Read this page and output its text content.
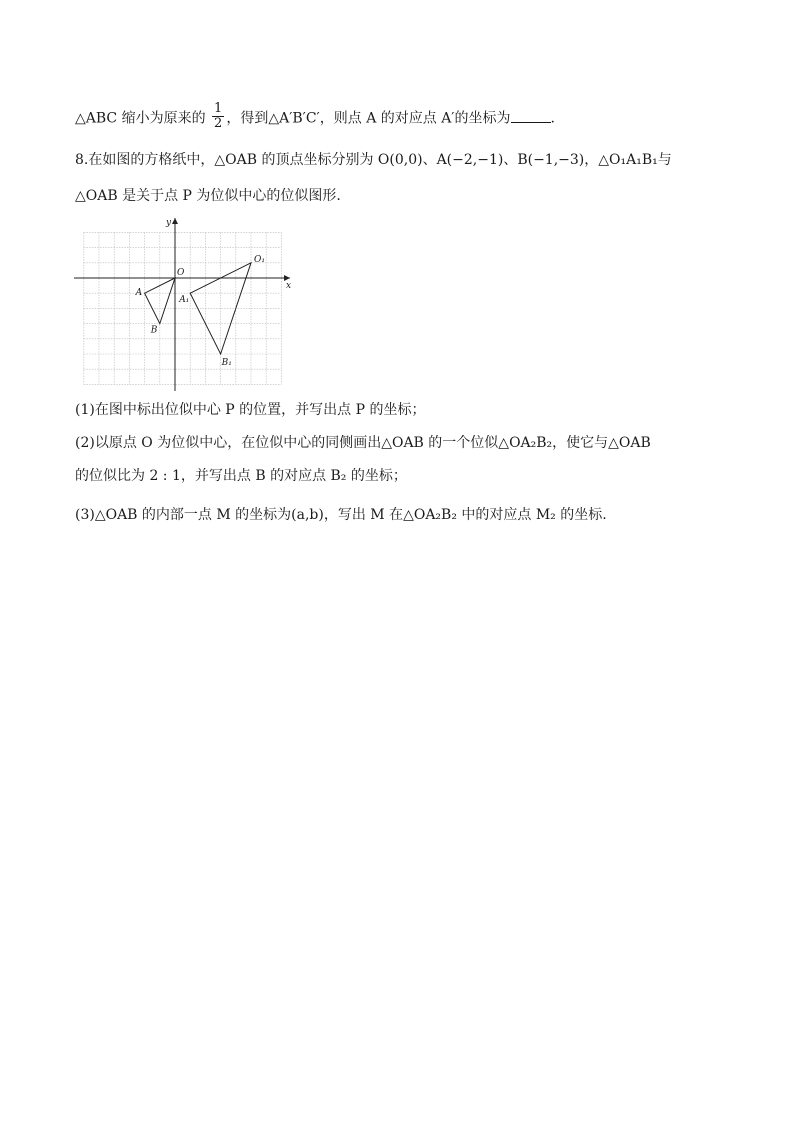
△ABC 缩小为原来的 $\frac{1}{2}$ ，得到△A′B′C′，则点 A 的对应点 A′的坐标为	.
8.在如图的方格纸中，△OAB 的顶点坐标分别为 O(0,0)、A(−2,−1)、B(−1,−3)，△O₁A₁B₁与
△OAB 是关于点 P 为位似中心的位似图形.
x
y
O
A
B
O₁
A₁
B₁
(1)在图中标出位似中心 P 的位置，并写出点 P 的坐标；
(2)以原点 O 为位似中心，在位似中心的同侧画出△OAB 的一个位似△OA₂B₂，使它与△OAB
的位似比为 2 : 1，并写出点 B 的对应点 B₂ 的坐标；
(3)△OAB 的内部一点 M 的坐标为(a,b)，写出 M 在△OA₂B₂ 中的对应点 M₂ 的坐标.
